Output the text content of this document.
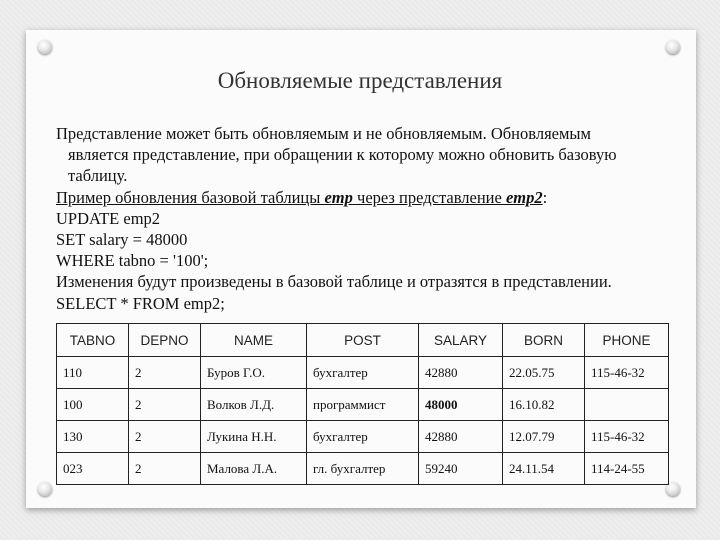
Обновляемые представления
Представление может быть обновляемым и не обновляемым. Обновляемым
является представление, при обращении к которому можно обновить базовую
таблицу.
Пример обновления базовой таблицы emp через представление emp2:
UPDATE emp2
SET salary = 48000
WHERE tabno = '100';
Изменения будут произведены в базовой таблице и отразятся в представлении.
SELECT * FROM emp2;
TABNO	DEPNO	NAME	POST	SALARY	BORN	PHONE
110	2	Буров Г.О.	бухгалтер	42880	22.05.75	115-46-32
100	2	Волков Л.Д.	программист	48000	16.10.82	
130	2	Лукина Н.Н.	бухгалтер	42880	12.07.79	115-46-32
023	2	Малова Л.А.	гл. бухгалтер	59240	24.11.54	114-24-55
